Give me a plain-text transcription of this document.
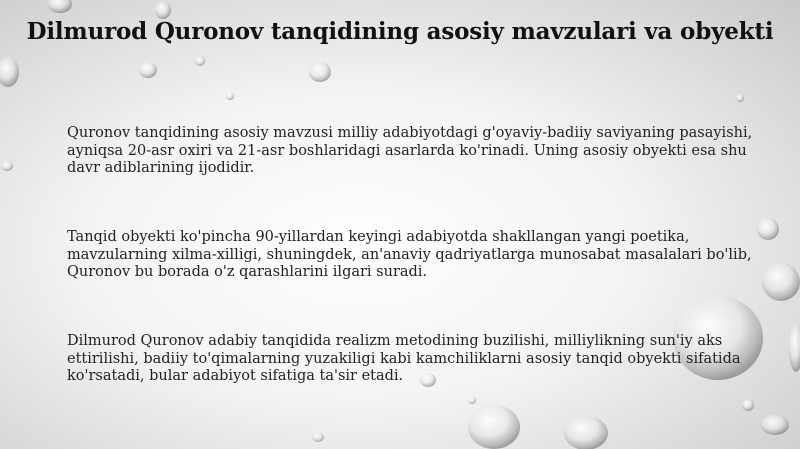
Dilmurod Quronov tanqidining asosiy mavzulari va obyekti

Quronov tanqidining asosiy mavzusi milliy adabiyotdagi g'oyaviy-badiiy saviyaning pasayishi, ayniqsa 20-asr oxiri va 21-asr boshlaridagi asarlarda ko'rinadi. Uning asosiy obyekti esa shu davr adiblarining ijodidir.

Tanqid obyekti ko'pincha 90-yillardan keyingi adabiyotda shakllangan yangi poetika, mavzularning xilma-xilligi, shuningdek, an'anaviy qadriyatlarga munosabat masalalari bo'lib, Quronov bu borada o'z qarashlarini ilgari suradi.

Dilmurod Quronov adabiy tanqidida realizm metodining buzilishi, milliylikning sun'iy aks ettirilishi, badiiy to'qimalarning yuzakiligi kabi kamchiliklarni asosiy tanqid obyekti sifatida ko'rsatadi, bular adabiyot sifatiga ta'sir etadi.
